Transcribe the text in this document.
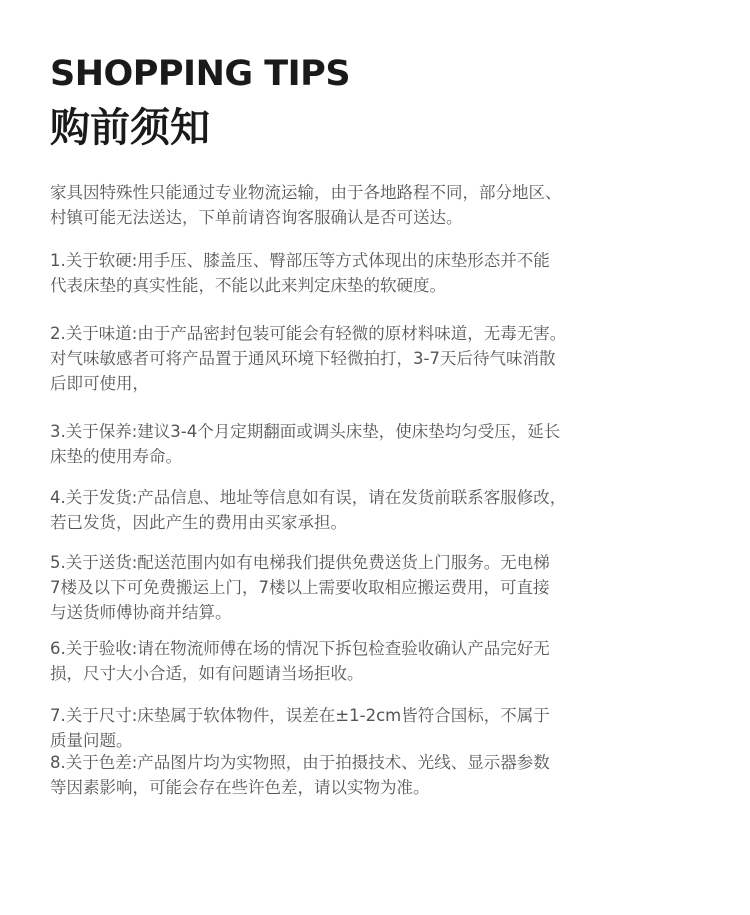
SHOPPING TIPS
购前须知

家具因特殊性只能通过专业物流运输，由于各地路程不同，部分地区、
村镇可能无法送达，下单前请咨询客服确认是否可送达。

1.关于软硬:用手压、膝盖压、臀部压等方式体现出的床垫形态并不能
代表床垫的真实性能，不能以此来判定床垫的软硬度。

2.关于味道:由于产品密封包装可能会有轻微的原材料味道，无毒无害。
对气味敏感者可将产品置于通风环境下轻微拍打，3-7天后待气味消散
后即可使用，

3.关于保养:建议3-4个月定期翻面或调头床垫，使床垫均匀受压，延长
床垫的使用寿命。

4.关于发货:产品信息、地址等信息如有误，请在发货前联系客服修改，
若已发货，因此产生的费用由买家承担。

5.关于送货:配送范围内如有电梯我们提供免费送货上门服务。无电梯
7楼及以下可免费搬运上门，7楼以上需要收取相应搬运费用，可直接
与送货师傅协商并结算。

6.关于验收:请在物流师傅在场的情况下拆包检查验收确认产品完好无
损，尺寸大小合适，如有问题请当场拒收。

7.关于尺寸:床垫属于软体物件，误差在±1-2cm皆符合国标，不属于
质量问题。

8.关于色差:产品图片均为实物照，由于拍摄技术、光线、显示器参数
等因素影响，可能会存在些许色差，请以实物为准。
